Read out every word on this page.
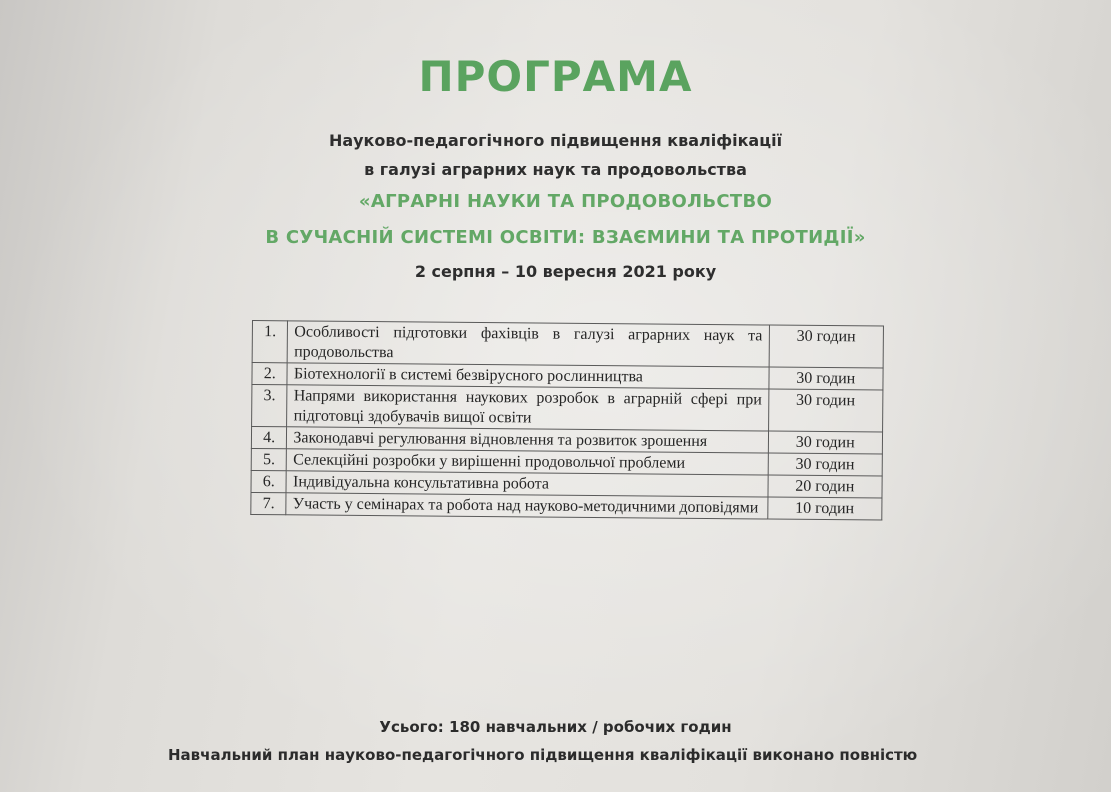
ПРОГРАМА
Науково-педагогічного підвищення кваліфікації
в галузі аграрних наук та продовольства
«АГРАРНІ НАУКИ ТА ПРОДОВОЛЬСТВО
В СУЧАСНІЙ СИСТЕМІ ОСВІТИ: ВЗАЄМИНИ ТА ПРОТИДІЇ»
2 серпня – 10 вересня 2021 року
1.	Особливості підготовки фахівців в галузі аграрних наук та продовольства	30 годин
2.	Біотехнології в системі безвірусного рослинництва	30 годин
3.	Напрями використання наукових розробок в аграрній сфері при підготовці здобувачів вищої освіти	30 годин
4.	Законодавчі регулювання відновлення та розвиток зрошення	30 годин
5.	Селекційні розробки у вирішенні продовольчої проблеми	30 годин
6.	Індивідуальна консультативна робота	20 годин
7.	Участь у семінарах та робота над науково-методичними доповідями	10 годин
Усього: 180 навчальних / робочих годин
Навчальний план науково-педагогічного підвищення кваліфікації виконано повністю
